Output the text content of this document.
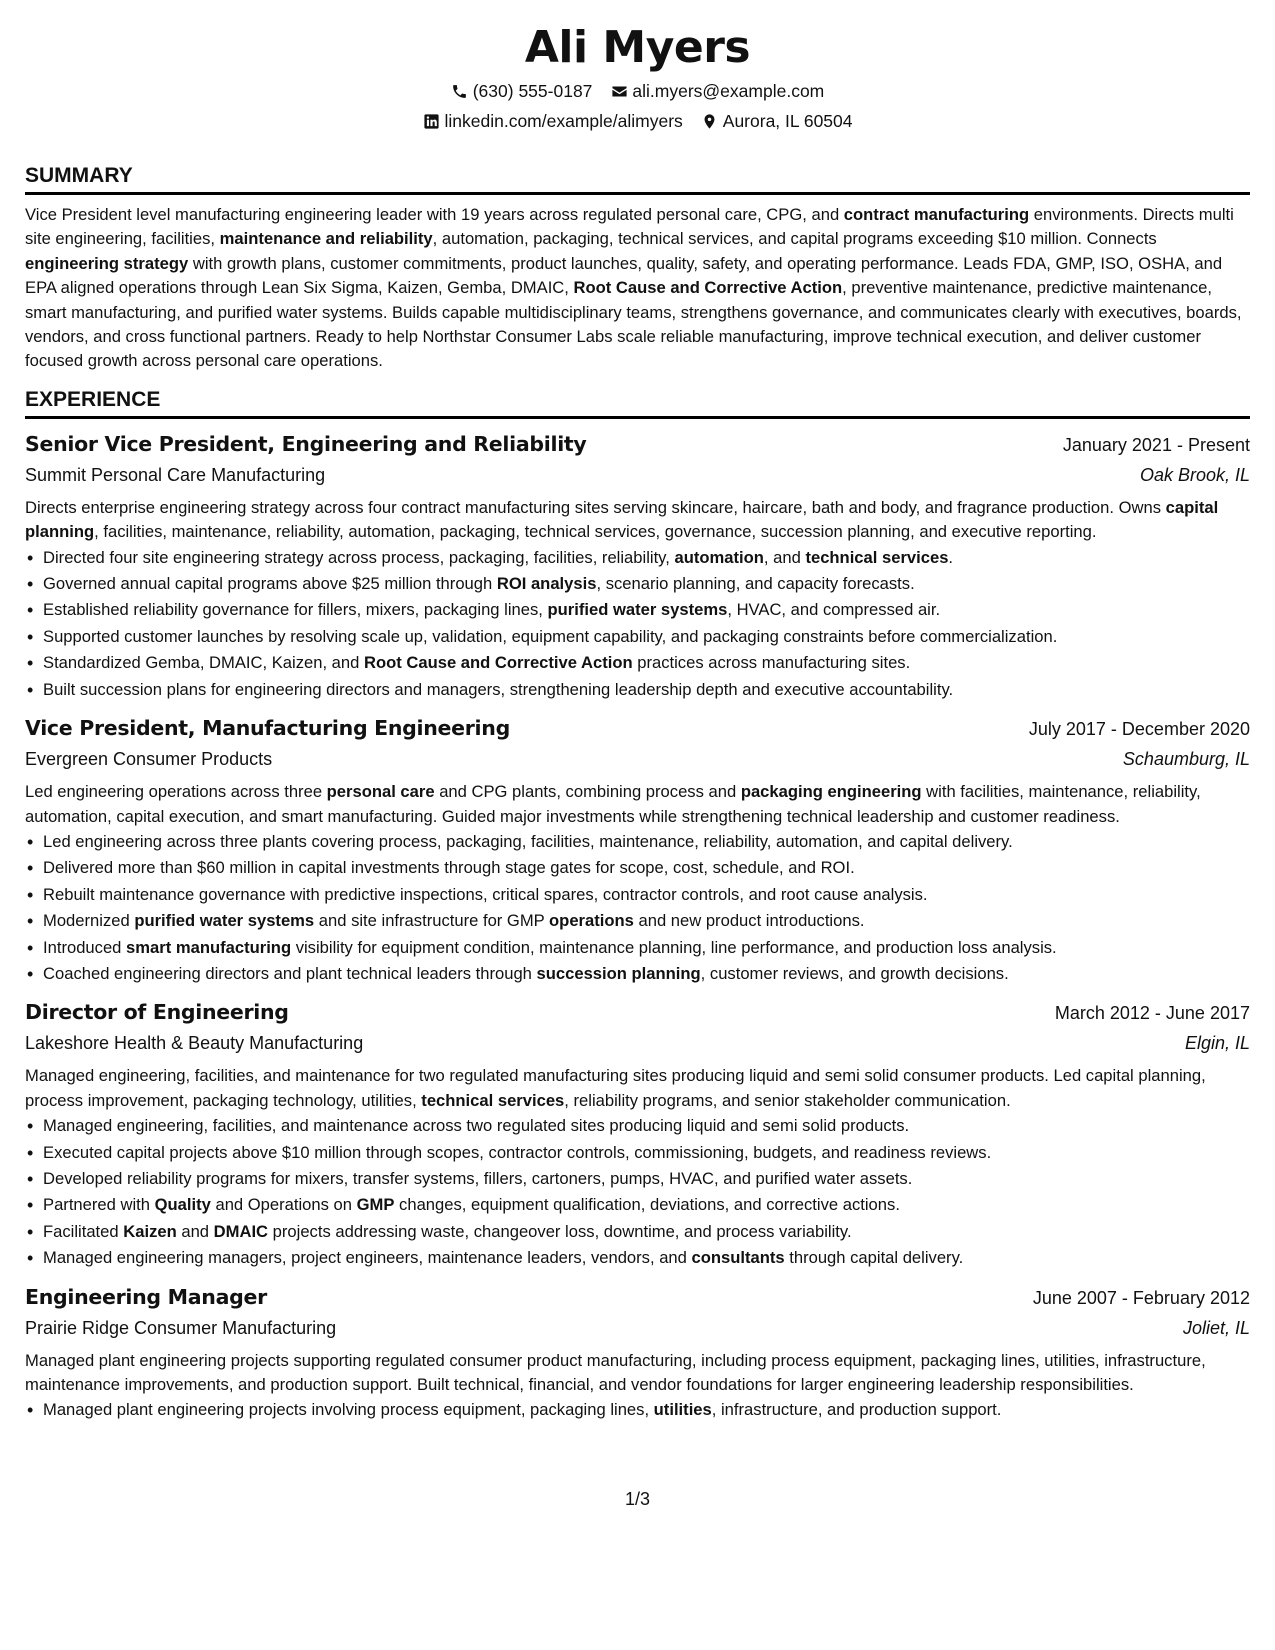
Ali Myers
(630) 555-0187 ali.myers@example.com
linkedin.com/example/alimyers Aurora, IL 60504
SUMMARY

Vice President level manufacturing engineering leader with 19 years across regulated personal care, CPG, and contract manufacturing environments. Directs multi site engineering, facilities, maintenance and reliability, automation, packaging, technical services, and capital programs exceeding $10 million. Connects engineering strategy with growth plans, customer commitments, product launches, quality, safety, and operating performance. Leads FDA, GMP, ISO, OSHA, and EPA aligned operations through Lean Six Sigma, Kaizen, Gemba, DMAIC, Root Cause and Corrective Action, preventive maintenance, predictive maintenance, smart manufacturing, and purified water systems. Builds capable multidisciplinary teams, strengthens governance, and communicates clearly with executives, boards, vendors, and cross functional partners. Ready to help Northstar Consumer Labs scale reliable manufacturing, improve technical execution, and deliver customer focused growth across personal care operations.

EXPERIENCE
Senior Vice President, Engineering and Reliability	January 2021 - Present
Summit Personal Care Manufacturing	Oak Brook, IL

Directs enterprise engineering strategy across four contract manufacturing sites serving skincare, haircare, bath and body, and fragrance production. Owns capital planning, facilities, maintenance, reliability, automation, packaging, technical services, governance, succession planning, and executive reporting.

• Directed four site engineering strategy across process, packaging, facilities, reliability, automation, and technical services.
• Governed annual capital programs above $25 million through ROI analysis, scenario planning, and capacity forecasts.
• Established reliability governance for fillers, mixers, packaging lines, purified water systems, HVAC, and compressed air.
• Supported customer launches by resolving scale up, validation, equipment capability, and packaging constraints before commercialization.
• Standardized Gemba, DMAIC, Kaizen, and Root Cause and Corrective Action practices across manufacturing sites.
• Built succession plans for engineering directors and managers, strengthening leadership depth and executive accountability.
Vice President, Manufacturing Engineering	July 2017 - December 2020
Evergreen Consumer Products	Schaumburg, IL

Led engineering operations across three personal care and CPG plants, combining process and packaging engineering with facilities, maintenance, reliability, automation, capital execution, and smart manufacturing. Guided major investments while strengthening technical leadership and customer readiness.

• Led engineering across three plants covering process, packaging, facilities, maintenance, reliability, automation, and capital delivery.
• Delivered more than $60 million in capital investments through stage gates for scope, cost, schedule, and ROI.
• Rebuilt maintenance governance with predictive inspections, critical spares, contractor controls, and root cause analysis.
• Modernized purified water systems and site infrastructure for GMP operations and new product introductions.
• Introduced smart manufacturing visibility for equipment condition, maintenance planning, line performance, and production loss analysis.
• Coached engineering directors and plant technical leaders through succession planning, customer reviews, and growth decisions.
Director of Engineering	March 2012 - June 2017
Lakeshore Health & Beauty Manufacturing	Elgin, IL

Managed engineering, facilities, and maintenance for two regulated manufacturing sites producing liquid and semi solid consumer products. Led capital planning, process improvement, packaging technology, utilities, technical services, reliability programs, and senior stakeholder communication.

• Managed engineering, facilities, and maintenance across two regulated sites producing liquid and semi solid products.
• Executed capital projects above $10 million through scopes, contractor controls, commissioning, budgets, and readiness reviews.
• Developed reliability programs for mixers, transfer systems, fillers, cartoners, pumps, HVAC, and purified water assets.
• Partnered with Quality and Operations on GMP changes, equipment qualification, deviations, and corrective actions.
• Facilitated Kaizen and DMAIC projects addressing waste, changeover loss, downtime, and process variability.
• Managed engineering managers, project engineers, maintenance leaders, vendors, and consultants through capital delivery.
Engineering Manager	June 2007 - February 2012
Prairie Ridge Consumer Manufacturing	Joliet, IL

Managed plant engineering projects supporting regulated consumer product manufacturing, including process equipment, packaging lines, utilities, infrastructure, maintenance improvements, and production support. Built technical, financial, and vendor foundations for larger engineering leadership responsibilities.

• Managed plant engineering projects involving process equipment, packaging lines, utilities, infrastructure, and production support.
1/3
